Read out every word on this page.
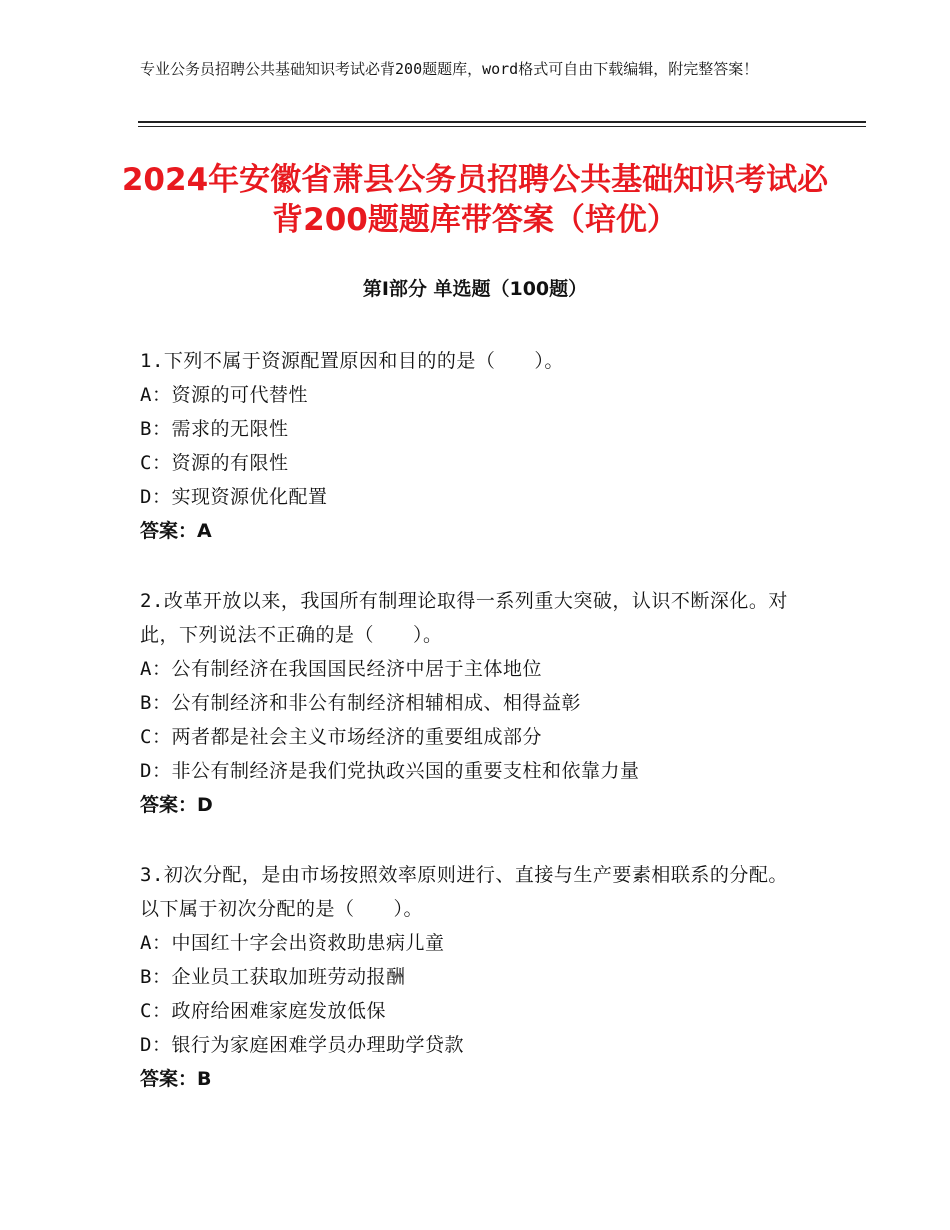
专业公务员招聘公共基础知识考试必背200题题库，word格式可自由下载编辑，附完整答案！
2024年安徽省萧县公务员招聘公共基础知识考试必背200题题库带答案（培优）
第Ⅰ部分 单选题（100题）
1.下列不属于资源配置原因和目的的是（　　）。
A：资源的可代替性
B：需求的无限性
C：资源的有限性
D：实现资源优化配置
答案：A
2.改革开放以来，我国所有制理论取得一系列重大突破，认识不断深化。对此，下列说法不正确的是（　　）。
A：公有制经济在我国国民经济中居于主体地位
B：公有制经济和非公有制经济相辅相成、相得益彰
C：两者都是社会主义市场经济的重要组成部分
D：非公有制经济是我们党执政兴国的重要支柱和依靠力量
答案：D
3.初次分配，是由市场按照效率原则进行、直接与生产要素相联系的分配。以下属于初次分配的是（　　）。
A：中国红十字会出资救助患病儿童
B：企业员工获取加班劳动报酬
C：政府给困难家庭发放低保
D：银行为家庭困难学员办理助学贷款
答案：B
